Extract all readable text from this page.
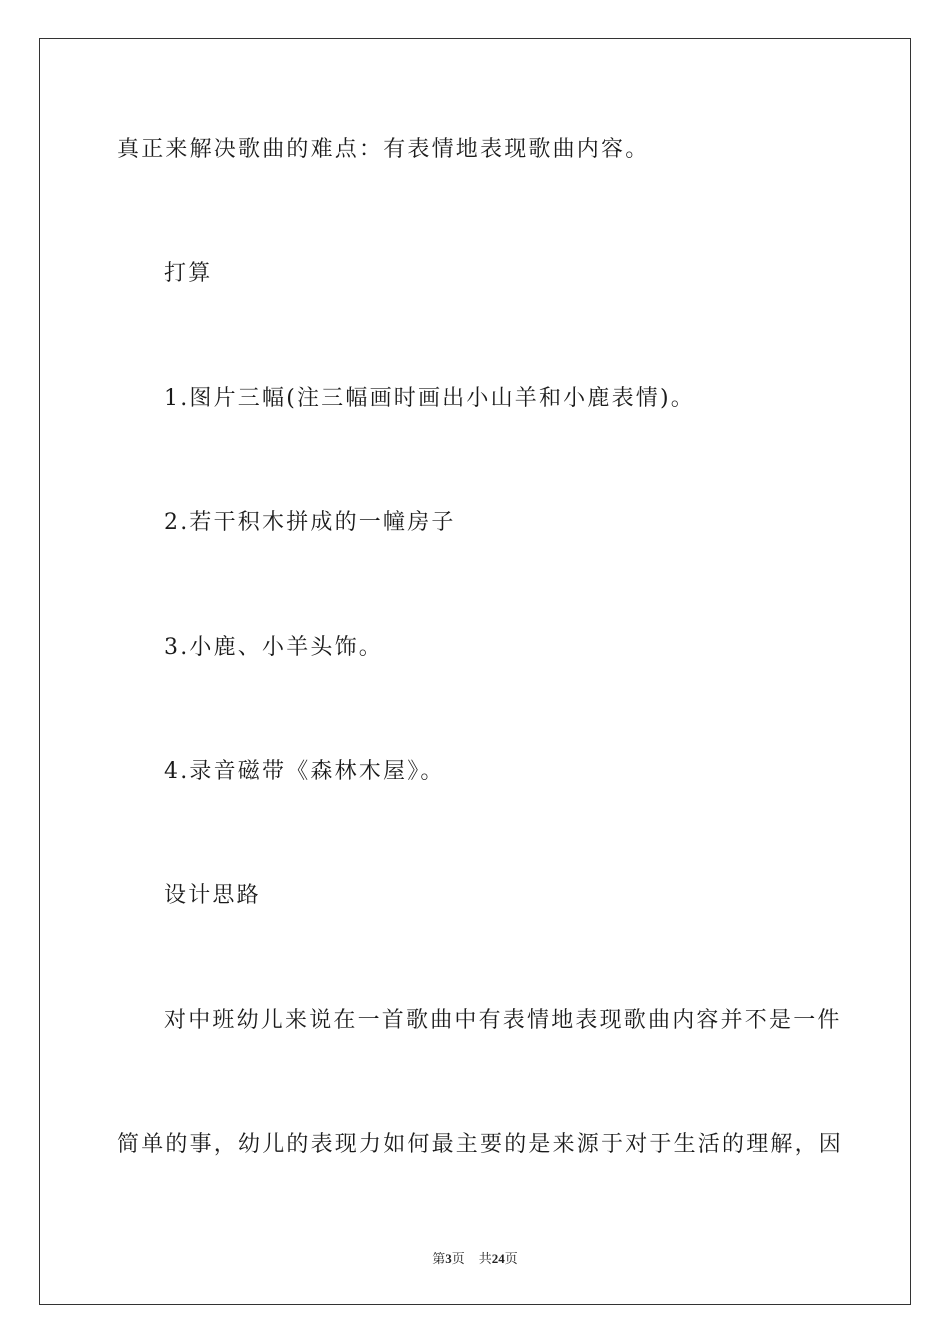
真正来解决歌曲的难点：有表情地表现歌曲内容。
打算
1.图片三幅(注三幅画时画出小山羊和小鹿表情)。
2.若干积木拼成的一幢房子
3.小鹿、小羊头饰。
4.录音磁带《森林木屋》。
设计思路
对中班幼儿来说在一首歌曲中有表情地表现歌曲内容并不是一件
简单的事，幼儿的表现力如何最主要的是来源于对于生活的理解，因
第3页 共24页
